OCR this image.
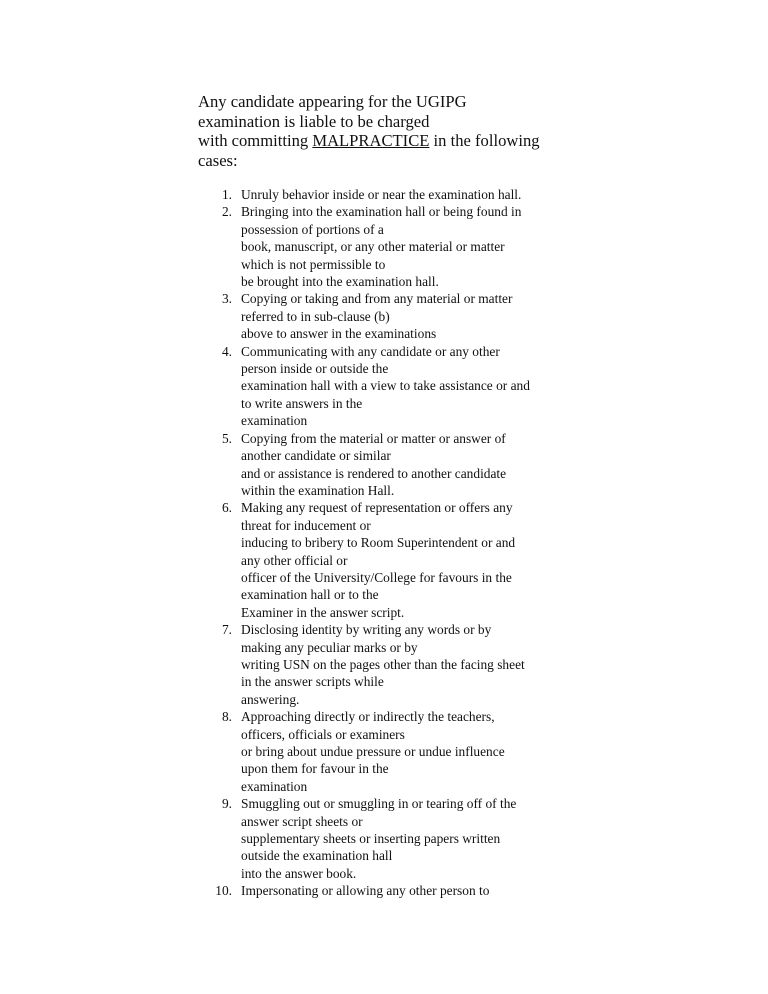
Any candidate appearing for the UGIPG
examination is liable to be charged
with committing MALPRACTICE in the following
cases:
1. Unruly behavior inside or near the examination hall.
2. Bringing into the examination hall or being found in
possession of portions of a
book, manuscript, or any other material or matter
which is not permissible to
be brought into the examination hall.
3. Copying or taking and from any material or matter
referred to in sub-clause (b)
above to answer in the examinations
4. Communicating with any candidate or any other
person inside or outside the
examination hall with a view to take assistance or and
to write answers in the
examination
5. Copying from the material or matter or answer of
another candidate or similar
and or assistance is rendered to another candidate
within the examination Hall.
6. Making any request of representation or offers any
threat for inducement or
inducing to bribery to Room Superintendent or and
any other official or
officer of the University/College for favours in the
examination hall or to the
Examiner in the answer script.
7. Disclosing identity by writing any words or by
making any peculiar marks or by
writing USN on the pages other than the facing sheet
in the answer scripts while
answering.
8. Approaching directly or indirectly the teachers,
officers, officials or examiners
or bring about undue pressure or undue influence
upon them for favour in the
examination
9. Smuggling out or smuggling in or tearing off of the
answer script sheets or
supplementary sheets or inserting papers written
outside the examination hall
into the answer book.
10. Impersonating or allowing any other person to
